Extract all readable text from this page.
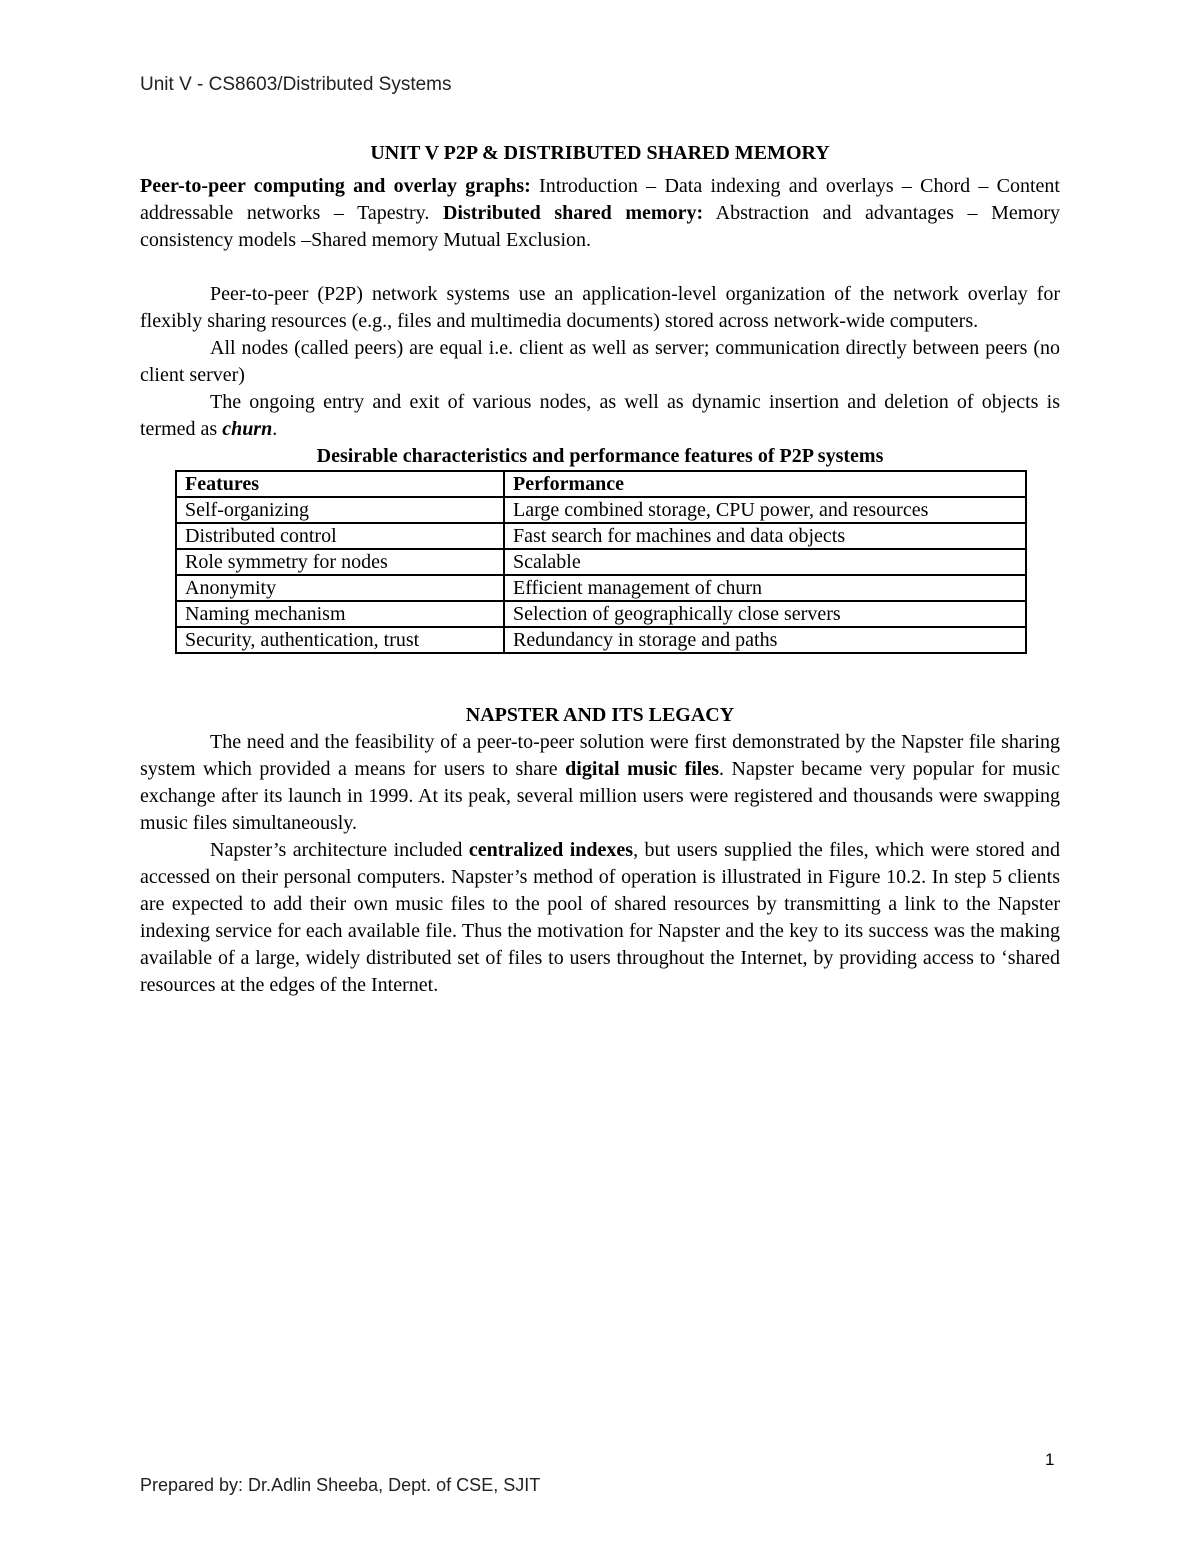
Unit V - CS8603/Distributed Systems

UNIT V P2P & DISTRIBUTED SHARED MEMORY

Peer-to-peer computing and overlay graphs: Introduction – Data indexing and overlays – Chord – Content addressable networks – Tapestry. Distributed shared memory: Abstraction and advantages – Memory consistency models –Shared memory Mutual Exclusion.

Peer-to-peer (P2P) network systems use an application-level organization of the network overlay for flexibly sharing resources (e.g., files and multimedia documents) stored across network-wide computers.

All nodes (called peers) are equal i.e. client as well as server; communication directly between peers (no client server)

The ongoing entry and exit of various nodes, as well as dynamic insertion and deletion of objects is termed as churn.

Desirable characteristics and performance features of P2P systems

Features	Performance
Self-organizing	Large combined storage, CPU power, and resources
Distributed control	Fast search for machines and data objects
Role symmetry for nodes	Scalable
Anonymity	Efficient management of churn
Naming mechanism	Selection of geographically close servers
Security, authentication, trust	Redundancy in storage and paths

NAPSTER AND ITS LEGACY

The need and the feasibility of a peer-to-peer solution were first demonstrated by the Napster file sharing system which provided a means for users to share digital music files. Napster became very popular for music exchange after its launch in 1999. At its peak, several million users were registered and thousands were swapping music files simultaneously.

Napster’s architecture included centralized indexes, but users supplied the files, which were stored and accessed on their personal computers. Napster’s method of operation is illustrated in Figure 10.2. In step 5 clients are expected to add their own music files to the pool of shared resources by transmitting a link to the Napster indexing service for each available file. Thus the motivation for Napster and the key to its success was the making available of a large, widely distributed set of files to users throughout the Internet, by providing access to ‘shared resources at the edges of the Internet.

1
Prepared by: Dr.Adlin Sheeba, Dept. of CSE, SJIT
